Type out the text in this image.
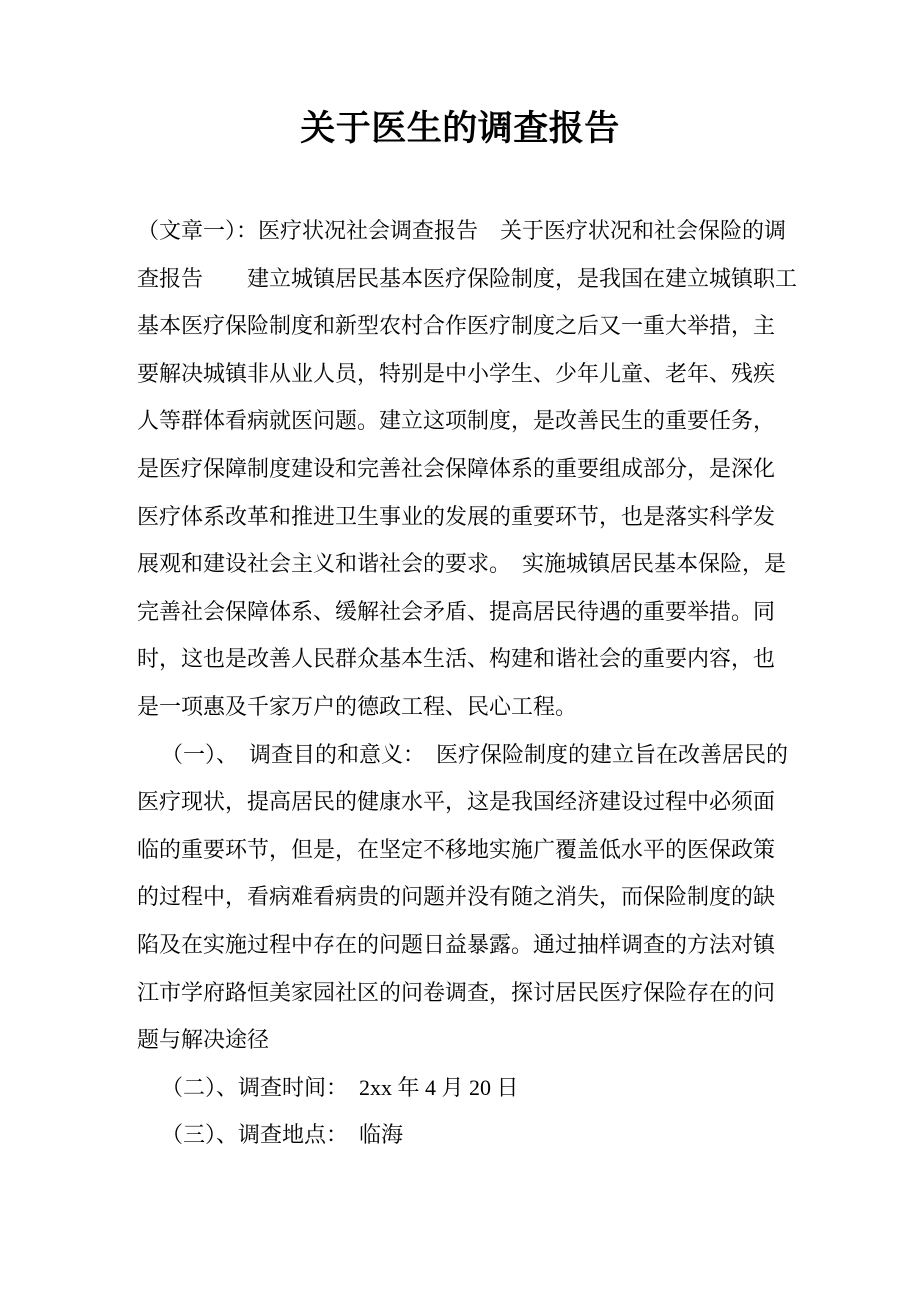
关于医生的调查报告
（文章一）：医疗状况社会调查报告　关于医疗状况和社会保险的调
查报告　　建立城镇居民基本医疗保险制度，是我国在建立城镇职工
基本医疗保险制度和新型农村合作医疗制度之后又一重大举措，主
要解决城镇非从业人员，特别是中小学生、少年儿童、老年、残疾
人等群体看病就医问题。建立这项制度，是改善民生的重要任务，
是医疗保障制度建设和完善社会保障体系的重要组成部分，是深化
医疗体系改革和推进卫生事业的发展的重要环节，也是落实科学发
展观和建设社会主义和谐社会的要求。　实施城镇居民基本保险，是
完善社会保障体系、缓解社会矛盾、提高居民待遇的重要举措。同
时，这也是改善人民群众基本生活、构建和谐社会的重要内容，也
是一项惠及千家万户的德政工程、民心工程。
（一）、　调查目的和意义：　医疗保险制度的建立旨在改善居民的
医疗现状，提高居民的健康水平，这是我国经济建设过程中必须面
临的重要环节，但是，在坚定不移地实施广覆盖低水平的医保政策
的过程中，看病难看病贵的问题并没有随之消失，而保险制度的缺
陷及在实施过程中存在的问题日益暴露。通过抽样调查的方法对镇
江市学府路恒美家园社区的问卷调查，探讨居民医疗保险存在的问
题与解决途径
（二）、调查时间：　2xx 年 4 月 20 日
（三）、调查地点：　临海
